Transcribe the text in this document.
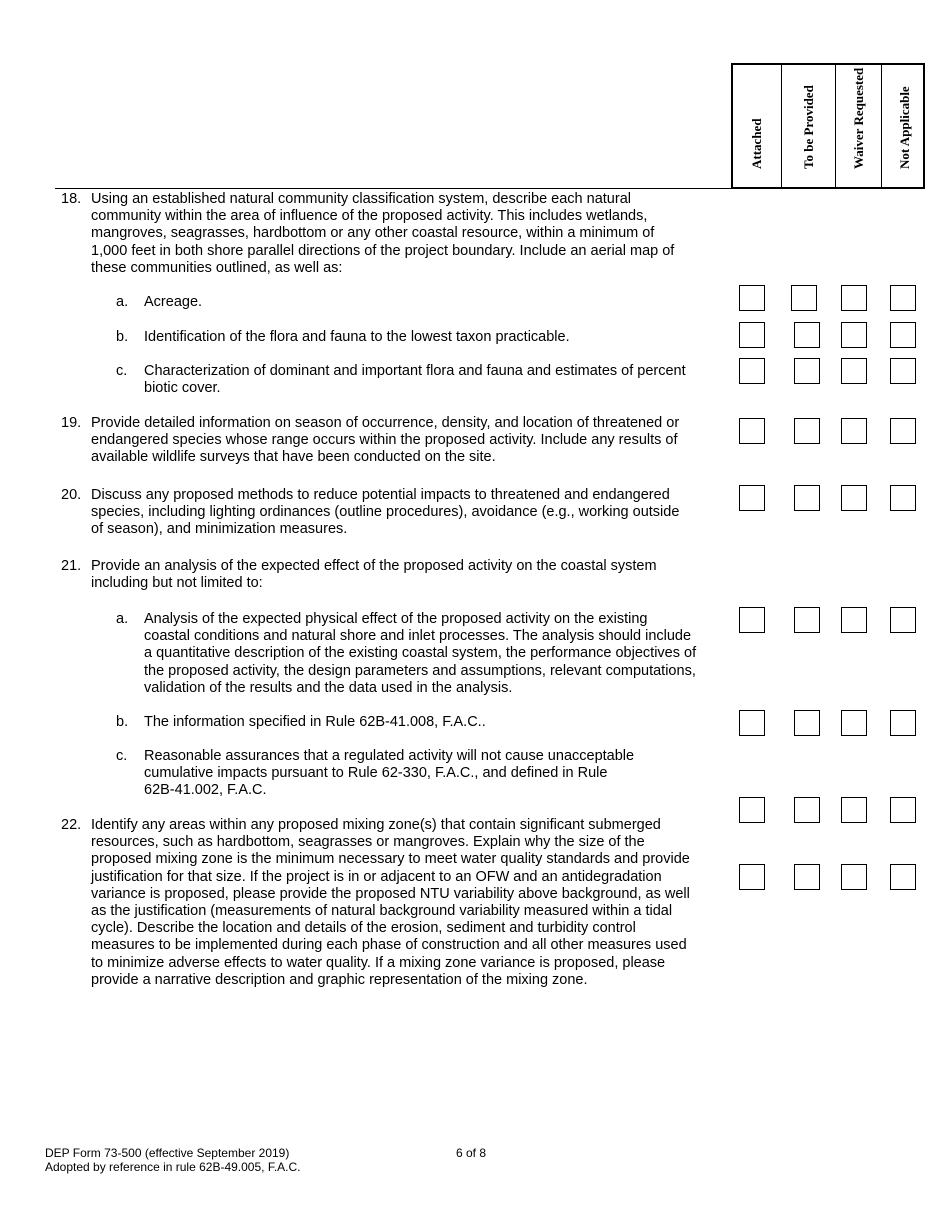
Attached	To be Provided	Waiver Requested Not Applicable
18. Using an established natural community classification system, describe each natural
community within the area of influence of the proposed activity. This includes wetlands,
mangroves, seagrasses, hardbottom or any other coastal resource, within a minimum of
1,000 feet in both shore parallel directions of the project boundary. Include an aerial map of
these communities outlined, as well as:
a. Acreage.
b. Identification of the flora and fauna to the lowest taxon practicable.
c. Characterization of dominant and important flora and fauna and estimates of percent
biotic cover.
19. Provide detailed information on season of occurrence, density, and location of threatened or
endangered species whose range occurs within the proposed activity. Include any results of
available wildlife surveys that have been conducted on the site.
20. Discuss any proposed methods to reduce potential impacts to threatened and endangered
species, including lighting ordinances (outline procedures), avoidance (e.g., working outside
of season), and minimization measures.
21. Provide an analysis of the expected effect of the proposed activity on the coastal system
including but not limited to:
a. Analysis of the expected physical effect of the proposed activity on the existing
coastal conditions and natural shore and inlet processes. The analysis should include
a quantitative description of the existing coastal system, the performance objectives of
the proposed activity, the design parameters and assumptions, relevant computations,
validation of the results and the data used in the analysis.
b. The information specified in Rule 62B-41.008, F.A.C..
c. Reasonable assurances that a regulated activity will not cause unacceptable
cumulative impacts pursuant to Rule 62-330, F.A.C., and defined in Rule
62B-41.002, F.A.C.
22. Identify any areas within any proposed mixing zone(s) that contain significant submerged
resources, such as hardbottom, seagrasses or mangroves. Explain why the size of the
proposed mixing zone is the minimum necessary to meet water quality standards and provide
justification for that size. If the project is in or adjacent to an OFW and an antidegradation
variance is proposed, please provide the proposed NTU variability above background, as well
as the justification (measurements of natural background variability measured within a tidal
cycle). Describe the location and details of the erosion, sediment and turbidity control
measures to be implemented during each phase of construction and all other measures used
to minimize adverse effects to water quality. If a mixing zone variance is proposed, please
provide a narrative description and graphic representation of the mixing zone.
DEP Form 73-500 (effective September 2019)
Adopted by reference in rule 62B-49.005, F.A.C.
6 of 8
